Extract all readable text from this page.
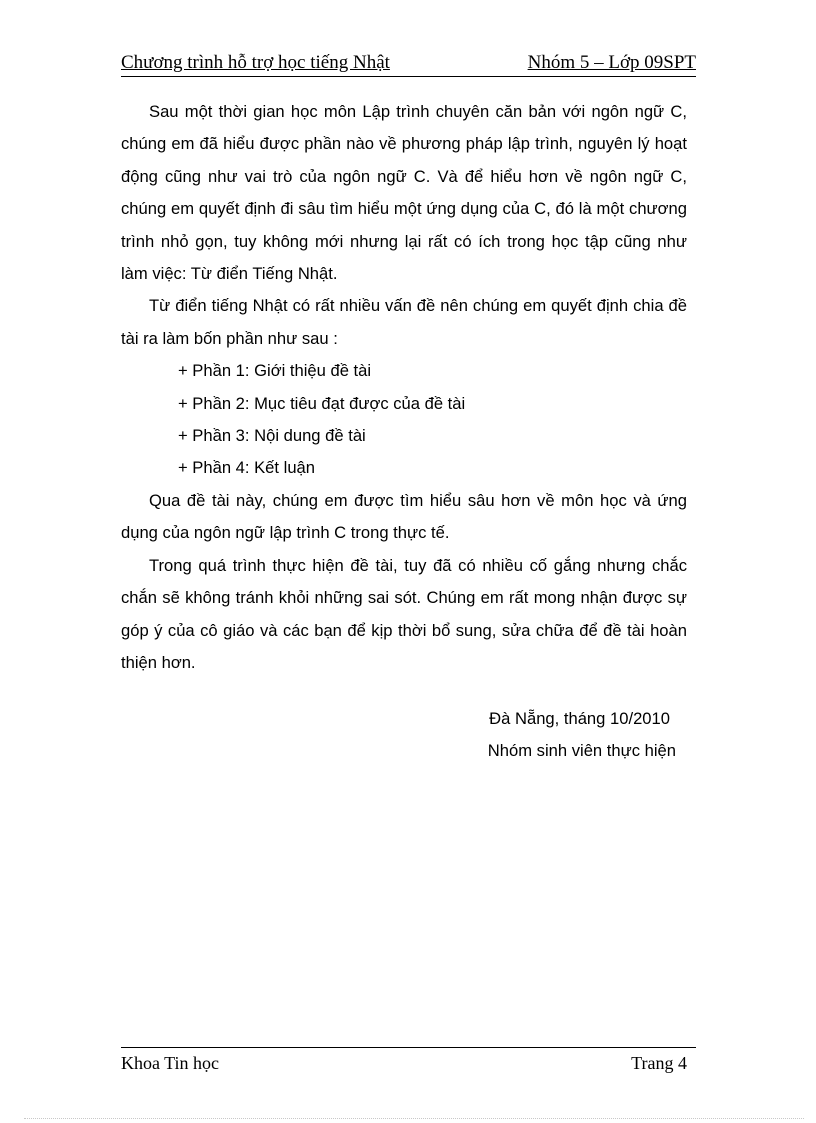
Chương trình hỗ trợ học tiếng Nhật	Nhóm 5 – Lớp 09SPT

Sau một thời gian học môn Lập trình chuyên căn bản với ngôn ngữ C, chúng em đã hiểu được phần nào về phương pháp lập trình, nguyên lý hoạt động cũng như vai trò của ngôn ngữ C. Và để hiểu hơn về ngôn ngữ C, chúng em quyết định đi sâu tìm hiểu một ứng dụng của C, đó là một chương trình nhỏ gọn, tuy không mới nhưng lại rất có ích trong học tập cũng như làm việc: Từ điển Tiếng Nhật.

Từ điển tiếng Nhật có rất nhiều vấn đề nên chúng em quyết định chia đề tài ra làm bốn phần như sau :

+ Phần 1: Giới thiệu đề tài

+ Phần 2: Mục tiêu đạt được của đề tài

+ Phần 3: Nội dung đề tài

+ Phần 4: Kết luận

Qua đề tài này, chúng em được tìm hiểu sâu hơn về môn học và ứng dụng của ngôn ngữ lập trình C trong thực tế.

Trong quá trình thực hiện đề tài, tuy đã có nhiều cố gắng nhưng chắc chắn sẽ không tránh khỏi những sai sót. Chúng em rất mong nhận được sự góp ý của cô giáo và các bạn để kịp thời bổ sung, sửa chữa để đề tài hoàn thiện hơn.

Đà Nẵng, tháng 10/2010
Nhóm sinh viên thực hiện
Khoa Tin học	Trang 4
